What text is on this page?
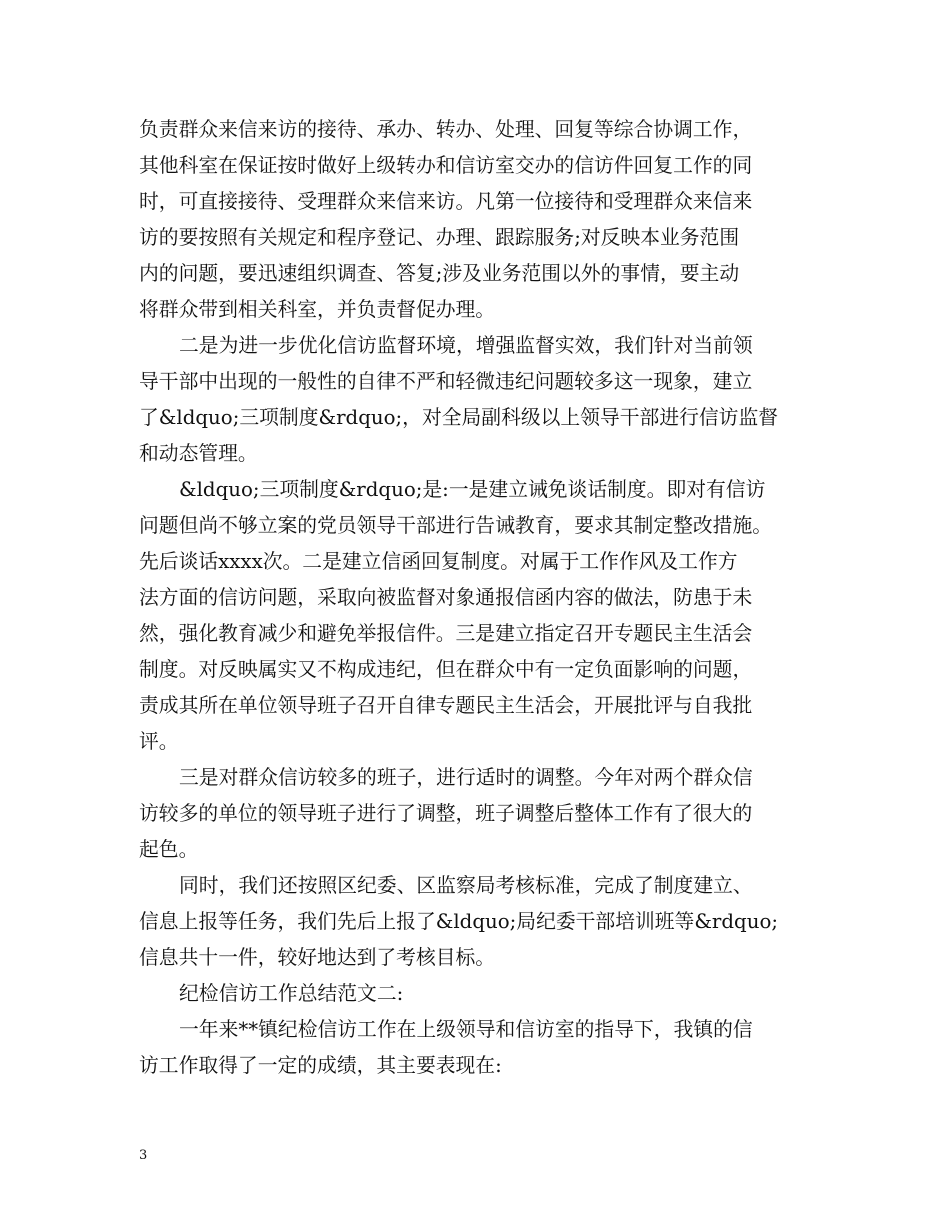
负责群众来信来访的接待、承办、转办、处理、回复等综合协调工作，
其他科室在保证按时做好上级转办和信访室交办的信访件回复工作的同
时，可直接接待、受理群众来信来访。凡第一位接待和受理群众来信来
访的要按照有关规定和程序登记、办理、跟踪服务;对反映本业务范围
内的问题，要迅速组织调查、答复;涉及业务范围以外的事情，要主动
将群众带到相关科室，并负责督促办理。
二是为进一步优化信访监督环境，增强监督实效，我们针对当前领
导干部中出现的一般性的自律不严和轻微违纪问题较多这一现象，建立
了&ldquo;三项制度&rdquo;，对全局副科级以上领导干部进行信访监督
和动态管理。
&ldquo;三项制度&rdquo;是:一是建立诫免谈话制度。即对有信访
问题但尚不够立案的党员领导干部进行告诫教育，要求其制定整改措施。
先后谈话xxxx次。二是建立信函回复制度。对属于工作作风及工作方
法方面的信访问题，采取向被监督对象通报信函内容的做法，防患于未
然，强化教育减少和避免举报信件。三是建立指定召开专题民主生活会
制度。对反映属实又不构成违纪，但在群众中有一定负面影响的问题，
责成其所在单位领导班子召开自律专题民主生活会，开展批评与自我批
评。
三是对群众信访较多的班子，进行适时的调整。今年对两个群众信
访较多的单位的领导班子进行了调整，班子调整后整体工作有了很大的
起色。
同时，我们还按照区纪委、区监察局考核标准，完成了制度建立、
信息上报等任务，我们先后上报了&ldquo;局纪委干部培训班等&rdquo;
信息共十一件，较好地达到了考核目标。
纪检信访工作总结范文二:
一年来**镇纪检信访工作在上级领导和信访室的指导下，我镇的信
访工作取得了一定的成绩，其主要表现在:
3
